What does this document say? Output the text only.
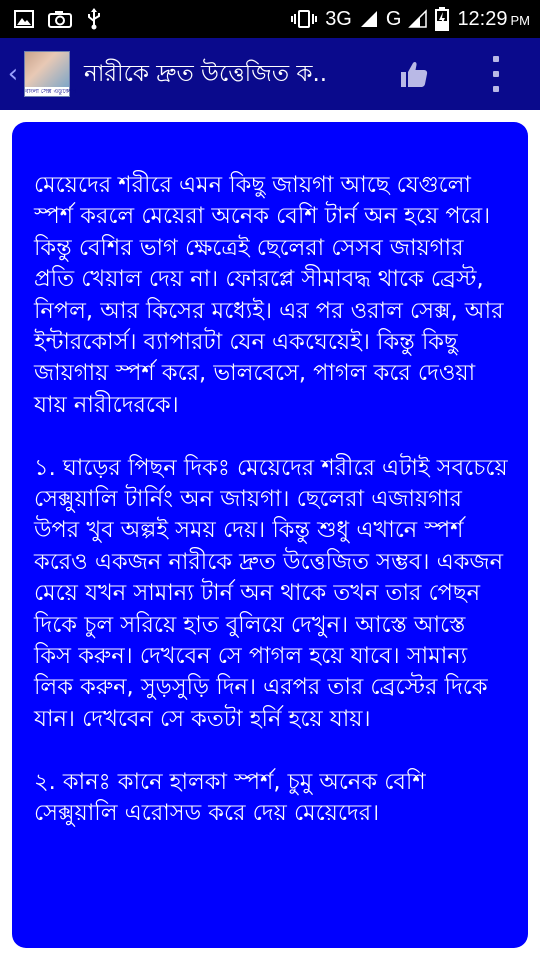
3G G	12:29 PM
‹
বাংলা সেক্স এডুকেশন
নারীকে দ্রুত উত্তেজিত ক..

মেয়েদের শরীরে এমন কিছু জায়গা আছে যেগুলো স্পর্শ করলে মেয়েরা অনেক বেশি টার্ন অন হয়ে পরে। কিন্তু বেশির ভাগ ক্ষেত্রেই ছেলেরা সেসব জায়গার প্রতি খেয়াল দেয় না। ফোরপ্লে সীমাবদ্ধ থাকে ব্রেস্ট, নিপল, আর কিসের মধ্যেই। এর পর ওরাল সেক্স, আর ইন্টারকোর্স। ব্যাপারটা যেন একঘেয়েই। কিন্তু কিছু জায়গায় স্পর্শ করে, ভালবেসে, পাগল করে দেওয়া যায় নারীদেরকে।

১. ঘাড়ের পিছন দিকঃ মেয়েদের শরীরে এটাই সবচেয়ে সেক্সুয়ালি টার্নিং অন জায়গা। ছেলেরা এজায়গার উপর খুব অল্পই সময় দেয়। কিন্তু শুধু এখানে স্পর্শ করেও একজন নারীকে দ্রুত উত্তেজিত সম্ভব। একজন মেয়ে যখন সামান্য টার্ন অন থাকে তখন তার পেছন দিকে চুল সরিয়ে হাত বুলিয়ে দেখুন। আস্তে আস্তে কিস করুন। দেখবেন সে পাগল হয়ে যাবে। সামান্য লিক করুন, সুড়সুড়ি দিন। এরপর তার ব্রেস্টের দিকে যান। দেখবেন সে কতটা হর্নি হয়ে যায়।

২. কানঃ কানে হালকা স্পর্শ, চুমু অনেক বেশি সেক্সুয়ালি এরোসড করে দেয় মেয়েদের।
